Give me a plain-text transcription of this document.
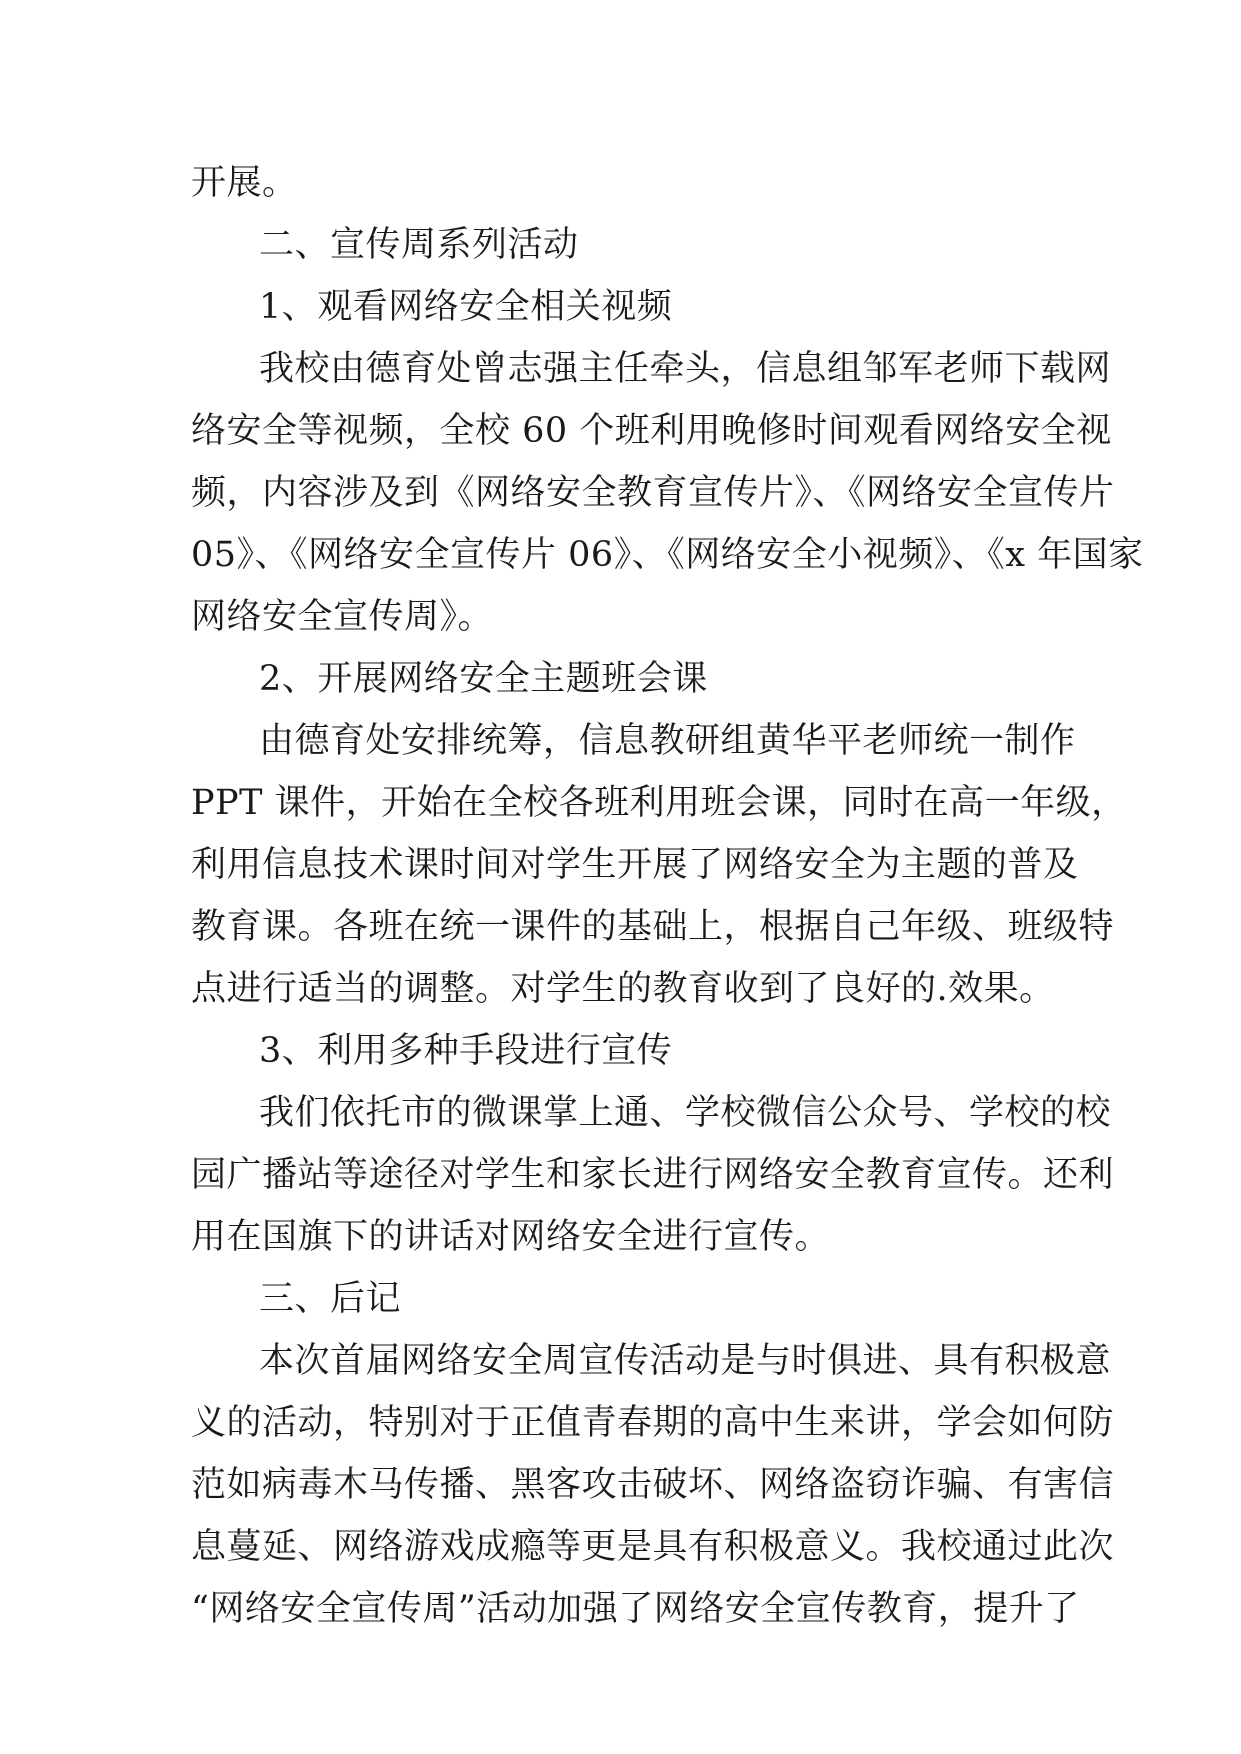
开展。
二、宣传周系列活动
1、观看网络安全相关视频
我校由德育处曾志强主任牵头，信息组邹军老师下载网
络安全等视频，全校 60 个班利用晚修时间观看网络安全视
频，内容涉及到《网络安全教育宣传片》、《网络安全宣传片
05》、《网络安全宣传片 06》、《网络安全小视频》、《x 年国家
网络安全宣传周》。
2、开展网络安全主题班会课
由德育处安排统筹，信息教研组黄华平老师统一制作
PPT 课件，开始在全校各班利用班会课，同时在高一年级，
利用信息技术课时间对学生开展了网络安全为主题的普及
教育课。各班在统一课件的基础上，根据自己年级、班级特
点进行适当的调整。对学生的教育收到了良好的.效果。
3、利用多种手段进行宣传
我们依托市的微课掌上通、学校微信公众号、学校的校
园广播站等途径对学生和家长进行网络安全教育宣传。还利
用在国旗下的讲话对网络安全进行宣传。
三、后记
本次首届网络安全周宣传活动是与时俱进、具有积极意
义的活动，特别对于正值青春期的高中生来讲，学会如何防
范如病毒木马传播、黑客攻击破坏、网络盗窃诈骗、有害信
息蔓延、网络游戏成瘾等更是具有积极意义。我校通过此次
“网络安全宣传周”活动加强了网络安全宣传教育，提升了
